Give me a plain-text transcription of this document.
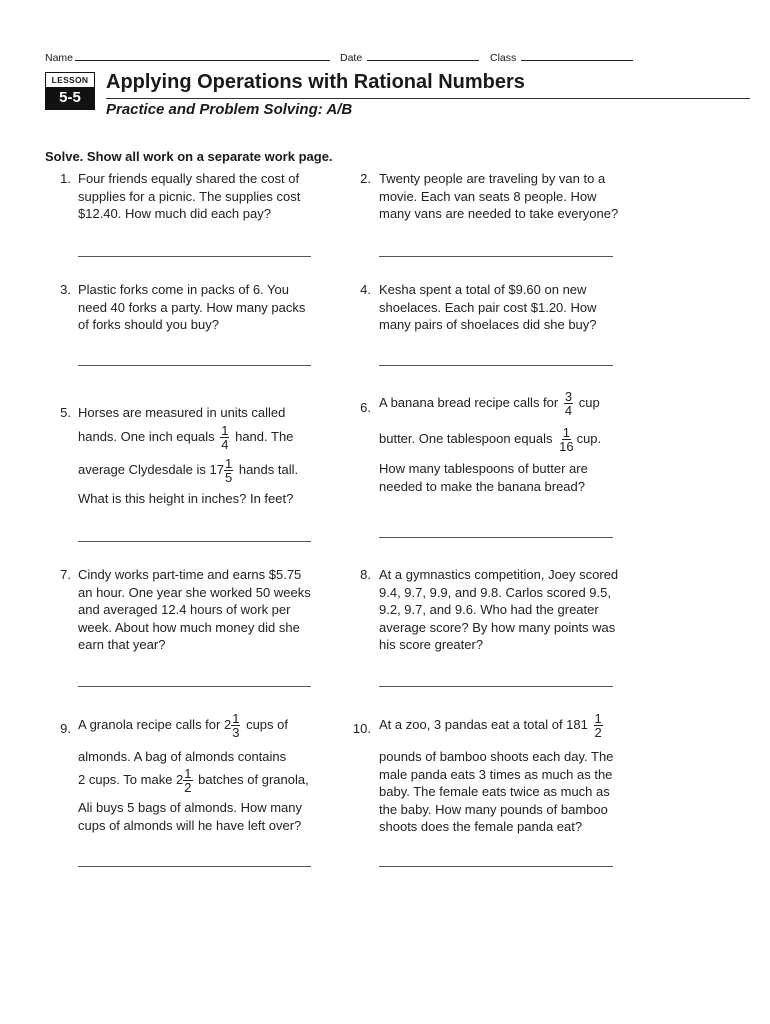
Name	Date	Class
LESSON
5-5
Applying Operations with Rational Numbers
Practice and Problem Solving: A/B
Solve. Show all work on a separate work page.
1. Four friends equally shared the cost of
supplies for a picnic. The supplies cost
$12.40. How much did each pay?
2. Twenty people are traveling by van to a
movie. Each van seats 8 people. How
many vans are needed to take everyone?
3. Plastic forks come in packs of 6. You
need 40 forks a party. How many packs
of forks should you buy?
4. Kesha spent a total of $9.60 on new
shoelaces. Each pair cost $1.20. How
many pairs of shoelaces did she buy?
5. Horses are measured in units called
hands. One inch equals $\frac{1}{4}$ hand. The
average Clydesdale is $17 \frac{1}{5}$ hands tall.
What is this height in inches? In feet?
6. A banana bread recipe calls for $\frac{3}{4}$ cup
butter. One tablespoon equals $\frac{1}{16}$ cup.
How many tablespoons of butter are
needed to make the banana bread?
7. Cindy works part-time and earns $5.75
an hour. One year she worked 50 weeks
and averaged 12.4 hours of work per
week. About how much money did she
earn that year?
8. At a gymnastics competition, Joey scored
9.4, 9.7, 9.9, and 9.8. Carlos scored 9.5,
9.2, 9.7, and 9.6. Who had the greater
average score? By how many points was
his score greater?
9. A granola recipe calls for $2 \frac{1}{3}$ cups of
almonds. A bag of almonds contains
2 cups. To make $2 \frac{1}{2}$ batches of granola,
Ali buys 5 bags of almonds. How many
cups of almonds will he have left over?
10. At a zoo, 3 pandas eat a total of $181 \frac{1}{2}$
pounds of bamboo shoots each day. The
male panda eats 3 times as much as the
baby. The female eats twice as much as
the baby. How many pounds of bamboo
shoots does the female panda eat?
